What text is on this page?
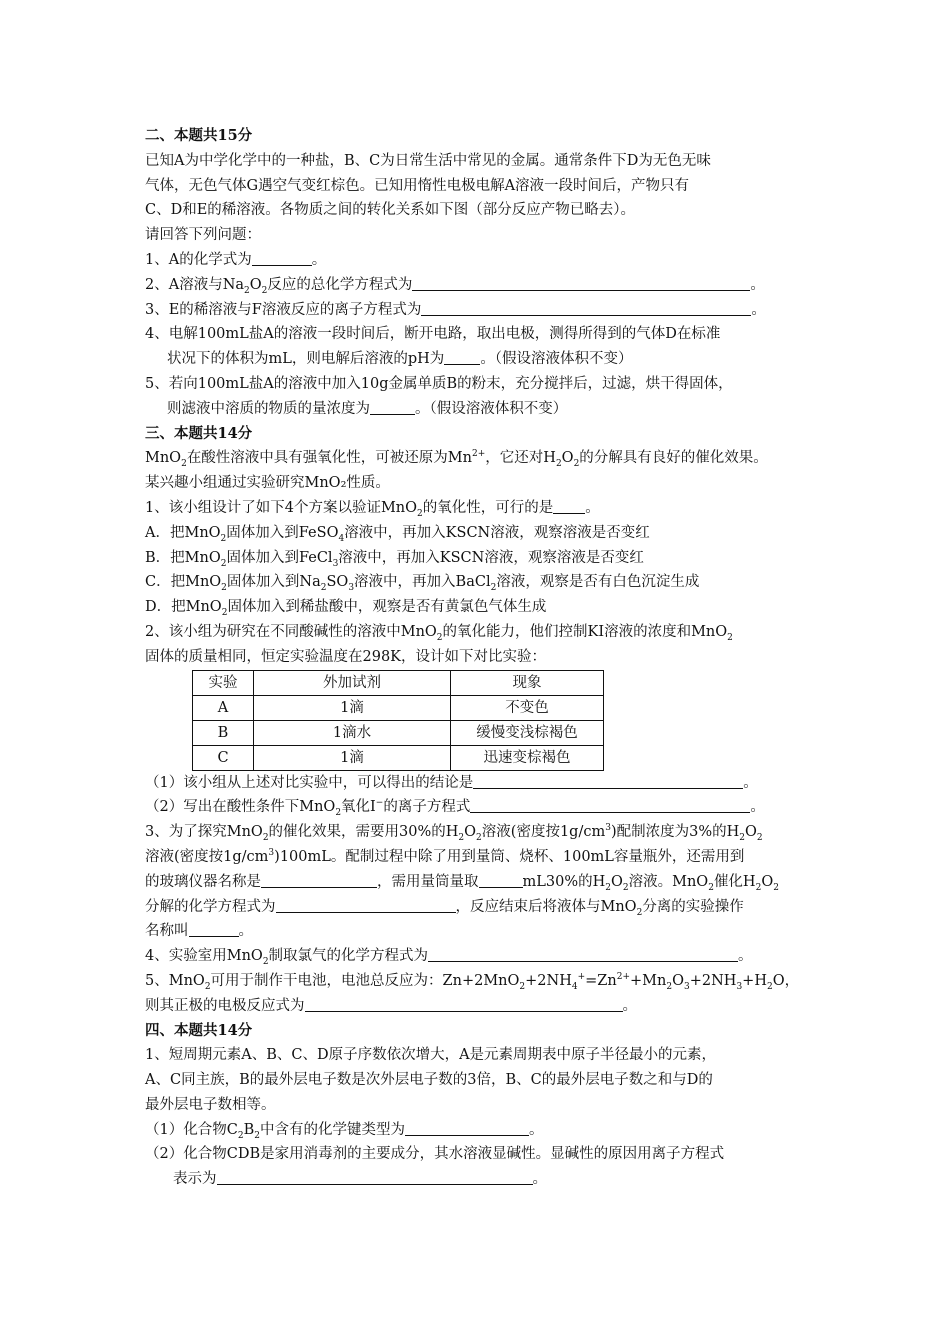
二、本题共15分
已知A为中学化学中的一种盐，B、C为日常生活中常见的金属。通常条件下D为无色无味
气体，无色气体G遇空气变红棕色。已知用惰性电极电解A溶液一段时间后，产物只有
C、D和E的稀溶液。各物质之间的转化关系如下图（部分反应产物已略去）。
请回答下列问题：
1、A的化学式为	。
2、A溶液与$Na_2O_2$反应的总化学方程式为	。
3、E的稀溶液与F溶液反应的离子方程式为	。
4、电解100mL盐A的溶液一段时间后，断开电路，取出电极，测得所得到的气体D在标准
状况下的体积为mL，则电解后溶液的pH为 。（假设溶液体积不变）
5、若向100mL盐A的溶液中加入10g金属单质B的粉末，充分搅拌后，过滤，烘干得固体，
则滤液中溶质的物质的量浓度为	。（假设溶液体积不变）
三、本题共14分
MnO$_2$在酸性溶液中具有强氧化性，可被还原为$Mn^{2+}$，它还对$H_2O_2$的分解具有良好的催化效果。
某兴趣小组通过实验研究MnO₂性质。
1、该小组设计了如下4个方案以验证MnO$_2$的氧化性，可行的是 。
A．把MnO$_2$固体加入到FeSO$_4$溶液中，再加入KSCN溶液，观察溶液是否变红
B．把MnO$_2$固体加入到FeCl$_3$溶液中，再加入KSCN溶液，观察溶液是否变红
C．把MnO$_2$固体加入到$Na_2SO_3$溶液中，再加入BaCl$_2$溶液，观察是否有白色沉淀生成
D．把MnO$_2$固体加入到稀盐酸中，观察是否有黄氯色气体生成
2、该小组为研究在不同酸碱性的溶液中MnO$_2$的氧化能力，他们控制KI溶液的浓度和MnO$_2$
固体的质量相同，恒定实验温度在298K，设计如下对比实验：
实验	外加试剂	现象
A	1滴	不变色
B	1滴水	缓慢变浅棕褐色
C	1滴	迅速变棕褐色
（1）该小组从上述对比实验中，可以得出的结论是	。
（2）写出在酸性条件下MnO$_2$氧化I−的离子方程式	。
3、为了探究MnO$_2$的催化效果，需要用30%的$H_2O_2$溶液(密度按$1g/cm^3$)配制浓度为3%的$H_2O_2$
溶液(密度按$1g/cm^3)100mL$。配制过程中除了用到量筒、烧杯、100mL容量瓶外，还需用到
的玻璃仪器名称是	，需用量筒量取	mL30%的$H_2O_2$溶液。MnO$_2$催化$H_2O_2$
分解的化学方程式为	，反应结束后将液体与MnO$_2$分离的实验操作
名称叫	。
4、实验室用MnO$_2$制取氯气的化学方程式为	。
5、MnO$_2$可用于制作干电池，电池总反应为：$Zn+2MnO_2+2NH_4^+=Zn^{2+}+Mn_2O_3+2NH_3+H_2O$，
则其正极的电极反应式为	。
四、本题共14分
1、短周期元素A、B、C、D原子序数依次增大，A是元素周期表中原子半径最小的元素，
A、C同主族，B的最外层电子数是次外层电子数的3倍，B、C的最外层电子数之和与D的
最外层电子数相等。
（1）化合物$C_2B_2$中含有的化学键类型为	。
（2）化合物CDB是家用消毒剂的主要成分，其水溶液显碱性。显碱性的原因用离子方程式
表示为	。
